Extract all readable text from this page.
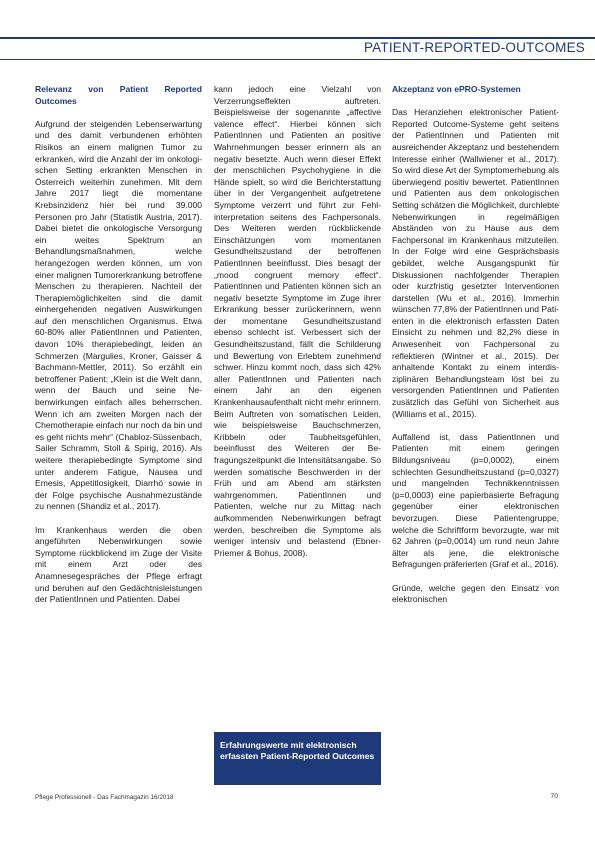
PATIENT-REPORTED-OUTCOMES

Relevanz von Patient Reported Outcomes

Aufgrund der steigenden Lebenserwartung und des damit verbundenen erhöhten Risikos an einem malignen Tumor zu erkranken, wird die Anzahl der im onkologischen Setting erkrankten Menschen in Österreich weiterhin zunehmen. Mit dem Jahre 2017 liegt die momentane Krebsinzidenz hier bei rund 39.000 Personen pro Jahr (Statistik Austria, 2017). Dabei bietet die onkologische Versorgung ein weites Spektrum an Behandlungsmaßnahmen, welche herangezogen werden können, um von einer malignen Tumorerkrankung betroffene Menschen zu therapieren. Nachteil der Therapiemöglichkeiten sind die damit einhergehenden negativen Auswirkungen auf den menschlichen Organismus. Etwa 60-80% aller PatientInnen und Patienten, davon 10% therapiebedingt, leiden an Schmerzen (Margulies, Kroner, Gaisser & Bachmann-Mettler, 2011). So erzählt ein betroffener Patient: „Klein ist die Welt dann, wenn der Bauch und seine Nebenwirkungen einfach alles beherrschen. Wenn ich am zweiten Morgen nach der Chemotherapie einfach nur noch da bin und es geht nichts mehr“ (Chabloz-Süssenbach, Sailer Schramm, Stoll & Spirig, 2016). Als weitere therapiebedingte Symptome sind unter anderem Fatigue, Nausea und Emesis, Appetitlosigkeit, Diarrhö sowie in der Folge psychische Ausnahmezustände zu nennen (Shandiz et al., 2017).

Im Krankenhaus werden die oben angeführten Nebenwirkungen sowie Symptome rückblickend im Zuge der Visite mit einem Arzt oder des Anamnesegespräches der Pflege erfragt und beruhen auf den Gedächtnisleistungen der PatientInnen und Patienten. Dabei

kann jedoch eine Vielzahl von Verzerrungseffekten auftreten. Beispielsweise der sogenannte „affective valence effect“. Hierbei können sich PatientInnen und Patienten an positive Wahrnehmungen besser erinnern als an negativ besetzte. Auch wenn dieser Effekt der menschlichen Psychohygiene in die Hände spielt, so wird die Berichterstattung über in der Vergangenheit aufgetretene Symptome verzerrt und führt zur Fehlinterpretation seitens des Fachpersonals. Des Weiteren werden rückblickende Einschätzungen vom momentanen Gesundheitszustand der betroffenen PatientInnen beeinflusst. Dies besagt der „mood congruent memory effect“. PatientInnen und Patienten können sich an negativ besetzte Symptome im Zuge ihrer Erkrankung besser zurückerinnern, wenn der momentane Gesundheitszustand ebenso schlecht ist. Verbessert sich der Gesundheitszustand, fällt die Schilderung und Bewertung von Erlebtem zunehmend schwer. Hinzu kommt noch, dass sich 42% aller PatientInnen und Patienten nach einem Jahr an den eigenen Krankenhausaufenthalt nicht mehr erinnern. Beim Auftreten von somatischen Leiden, wie beispielsweise Bauchschmerzen, Kribbeln oder Taubheitsgefühlen, beeinflusst des Weiteren der Befragungszeitpunkt die Intensitätsangabe. So werden somatische Beschwerden in der Früh und am Abend am stärksten wahrgenommen. PatientInnen und Patienten, welche nur zu Mittag nach aufkommenden Nebenwirkungen befragt werden, beschreiben die Symptome als weniger intensiv und belastend (Ebner-Priemer & Bohus, 2008).

Erfahrungswerte mit elektronisch erfassten Patient-Reported Outcomes

Akzeptanz von ePRO-Systemen

Das Heranziehen elektronischer Patient-Reported Outcome-Systeme geht seitens der PatientInnen und Patienten mit ausreichender Akzeptanz und bestehendem Interesse einher (Wallwiener et al., 2017). So wird diese Art der Symptomerhebung als überwiegend positiv bewertet. PatientInnen und Patienten aus dem onkologischen Setting schätzen die Möglichkeit, durchlebte Nebenwirkungen in regelmäßigen Abständen von zu Hause aus dem Fachpersonal im Krankenhaus mitzuteilen. In der Folge wird eine Gesprächsbasis gebildet, welche Ausgangspunkt für Diskussionen nachfolgender Therapien oder kurzfristig gesetzter Interventionen darstellen (Wu et al., 2016). Immerhin wünschen 77,8% der PatientInnen und Patienten in die elektronisch erfassten Daten Einsicht zu nehmen und 82,2% diese in Anwesenheit von Fachpersonal zu reflektieren (Wintner et al., 2015). Der anhaltende Kontakt zu einem interdisziplinären Behandlungsteam löst bei zu versorgenden PatientInnen und Patienten zusätzlich das Gefühl von Sicherheit aus (Williams et al., 2015).

Auffallend ist, dass PatientInnen und Patienten mit einem geringen Bildungsniveau (p=0,0002), einem schlechten Gesundheitszustand (p=0,0327) und mangelnden Technikkenntnissen (p=0,0003) eine papierbasierte Befragung gegenüber einer elektronischen bevorzugen. Diese Patientengruppe, welche die Schriftform bevorzugte, war mit 62 Jahren (p=0,0014) um rund neun Jahre älter als jene, die elektronische Befragungen präferierten (Graf et al., 2016).

Gründe, welche gegen den Einsatz von elektronischen

Pflege Professionell - Das Fachmagazin 16/2018	70
